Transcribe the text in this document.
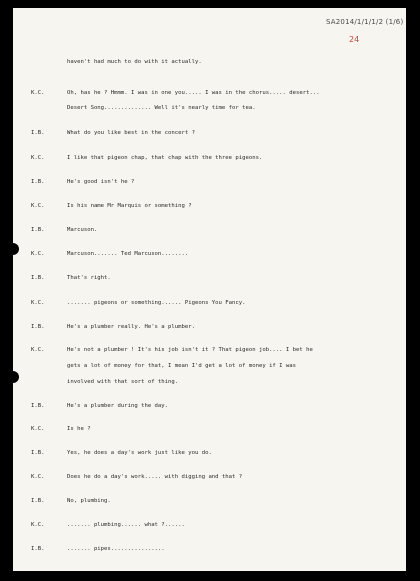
SA2014/1/1/1/2 (1/6)
24
haven't had much to do with it actually.
K.C.	Oh, has he ? Hmmm. I was in one you..... I was in the chorus..... desert...
Desert Song.............. Well it's nearly time for tea.
I.B.	What do you like best in the concert ?
K.C.	I like that pigeon chap, that chap with the three pigeons.
I.B.	He's good isn't he ?
K.C.	Is his name Mr Marquis or something ?
I.B.	Marcuson.
K.C.	Marcuson....... Ted Marcuson........
I.B.	That's right.
K.C.	....... pigeons or something...... Pigeons You Fancy.
I.B.	He's a plumber really. He's a plumber.
K.C.	He's not a plumber ! It's his job isn't it ? That pigeon job.... I bet he
gets a lot of money for that, I mean I'd get a lot of money if I was
involved with that sort of thing.
I.B.	He's a plumber during the day.
K.C.	Is he ?
I.B.	Yes, he does a day's work just like you do.
K.C.	Does he do a day's work..... with digging and that ?
I.B.	No, plumbing.
K.C.	....... plumbing...... what ?......
I.B.	....... pipes................
